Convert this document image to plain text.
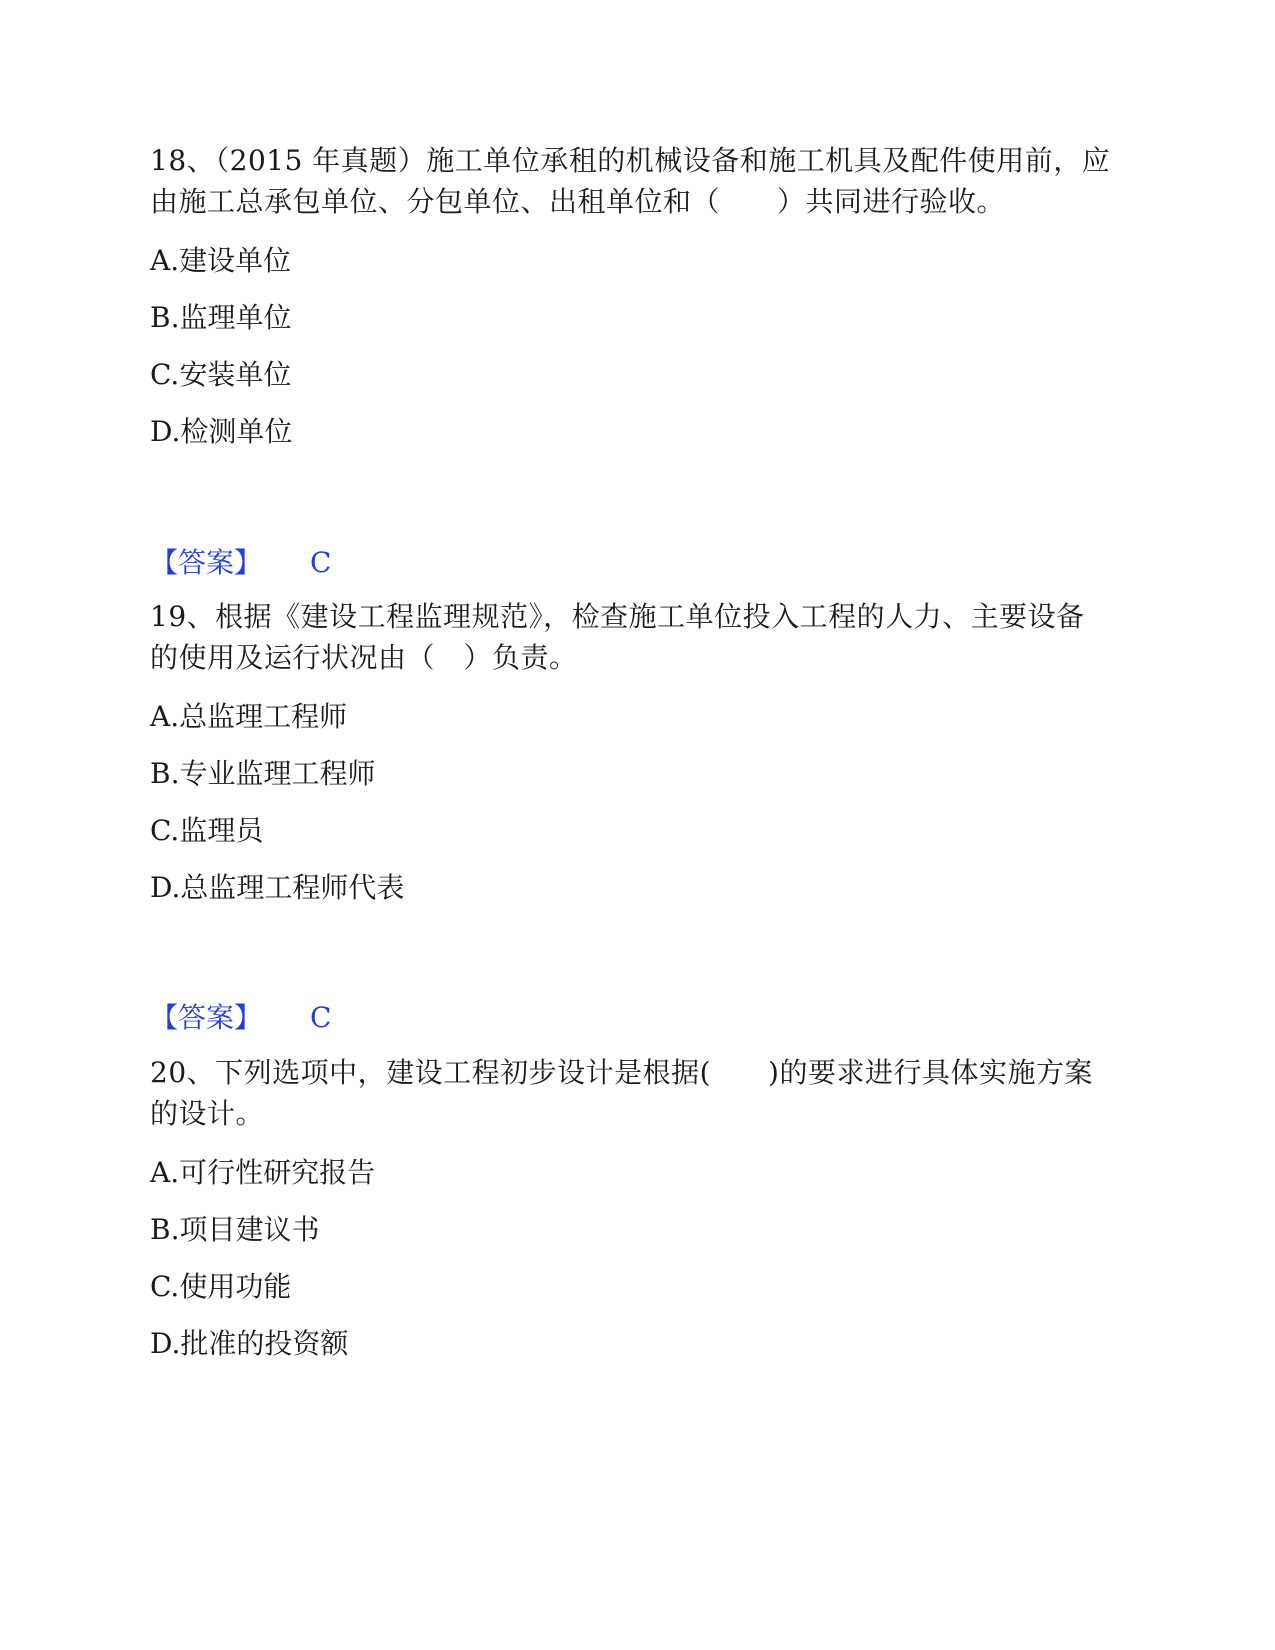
18、（2015 年真题）施工单位承租的机械设备和施工机具及配件使用前，应
由施工总承包单位、分包单位、出租单位和（　　）共同进行验收。

A.建设单位
B.监理单位
C.安装单位
D.检测单位
【答案】 C

19、根据《建设工程监理规范》，检查施工单位投入工程的人力、主要设备
的使用及运行状况由（　）负责。

A.总监理工程师
B.专业监理工程师
C.监理员
D.总监理工程师代表
【答案】 C

20、下列选项中，建设工程初步设计是根据(　　)的要求进行具体实施方案
的设计。

A.可行性研究报告
B.项目建议书
C.使用功能
D.批准的投资额
